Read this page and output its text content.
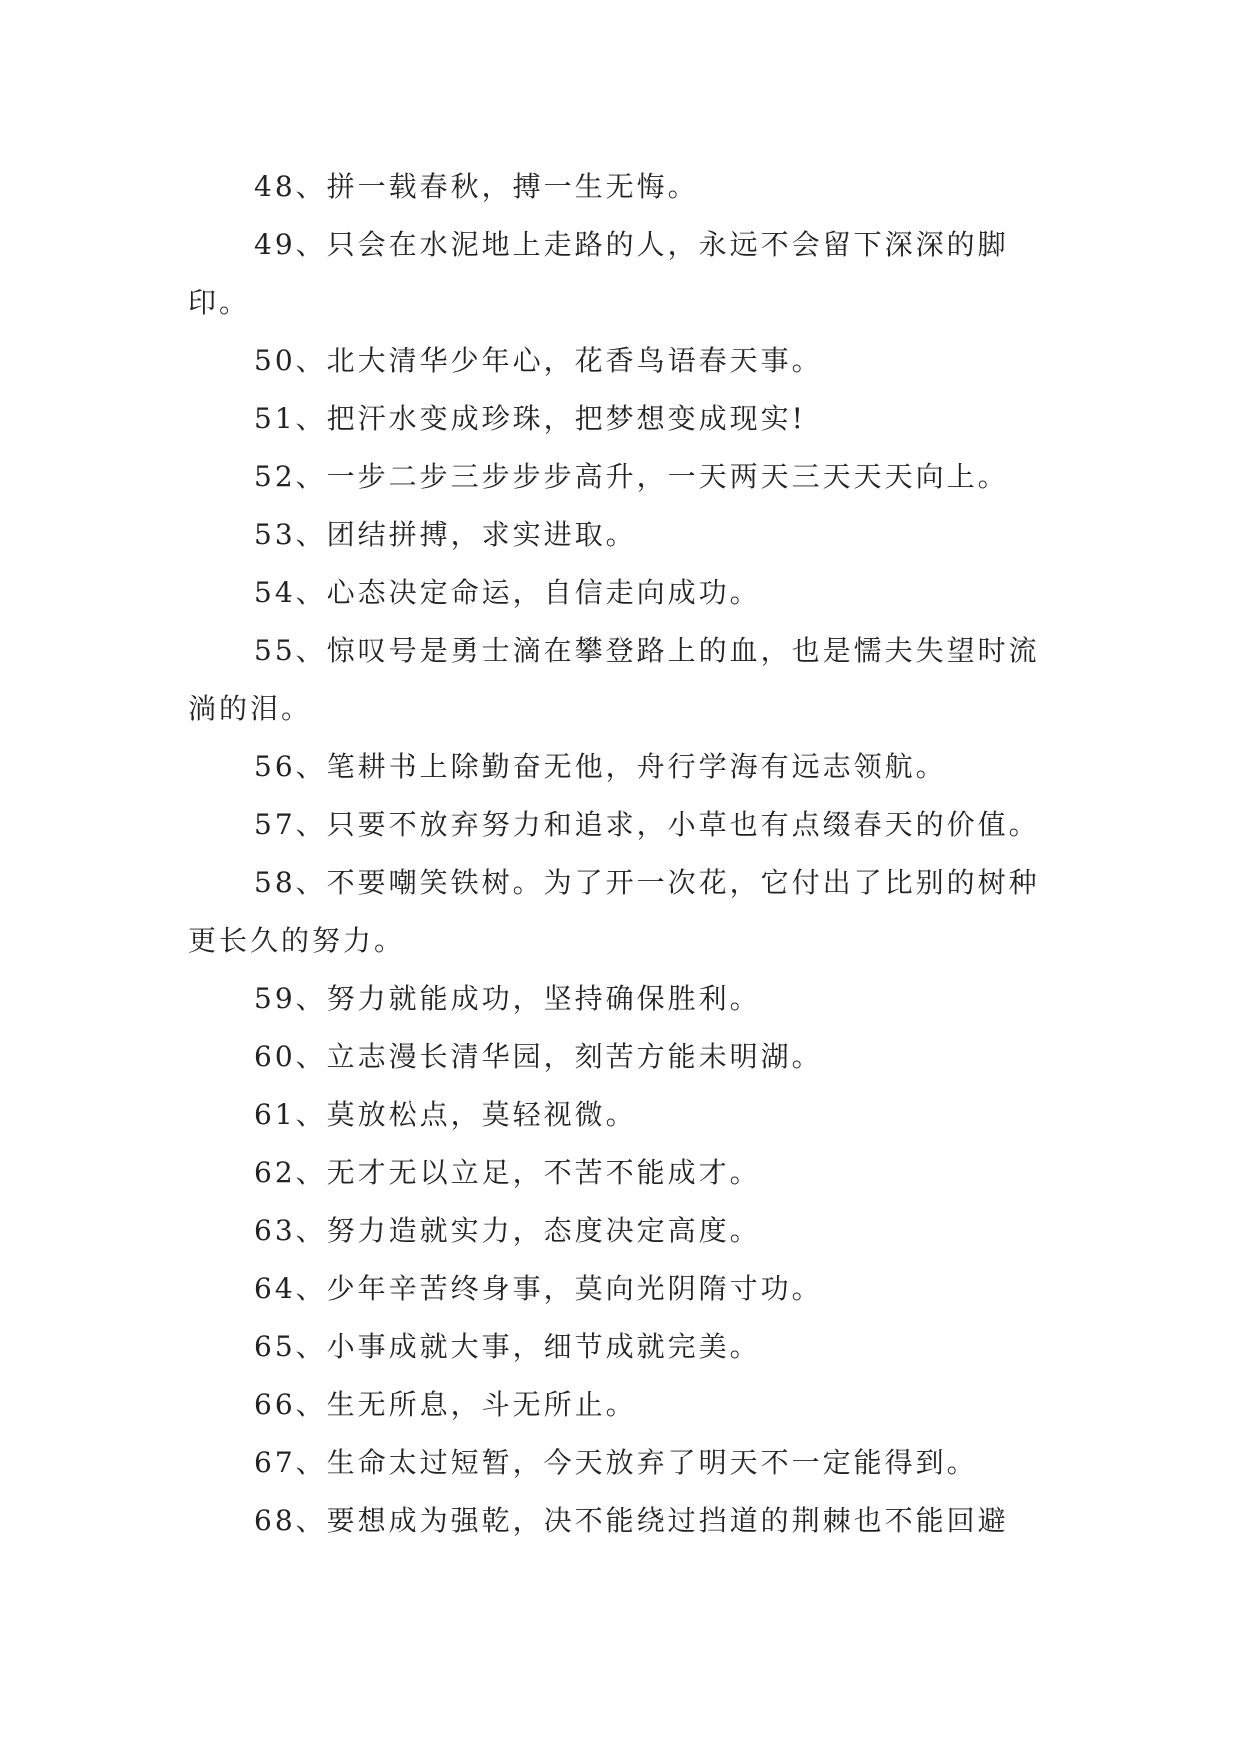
48、拼一载春秋，搏一生无悔。

49、只会在水泥地上走路的人，永远不会留下深深的脚印。

50、北大清华少年心，花香鸟语春天事。

51、把汗水变成珍珠，把梦想变成现实!

52、一步二步三步步步高升，一天两天三天天天向上。

53、团结拼搏，求实进取。

54、心态决定命运，自信走向成功。

55、惊叹号是勇士滴在攀登路上的血，也是懦夫失望时流淌的泪。

56、笔耕书上除勤奋无他，舟行学海有远志领航。

57、只要不放弃努力和追求，小草也有点缀春天的价值。

58、不要嘲笑铁树。为了开一次花，它付出了比别的树种更长久的努力。

59、努力就能成功，坚持确保胜利。

60、立志漫长清华园，刻苦方能未明湖。

61、莫放松点，莫轻视微。

62、无才无以立足，不苦不能成才。

63、努力造就实力，态度决定高度。

64、少年辛苦终身事，莫向光阴隋寸功。

65、小事成就大事，细节成就完美。

66、生无所息，斗无所止。

67、生命太过短暂，今天放弃了明天不一定能得到。

68、要想成为强乾，决不能绕过挡道的荆棘也不能回避
